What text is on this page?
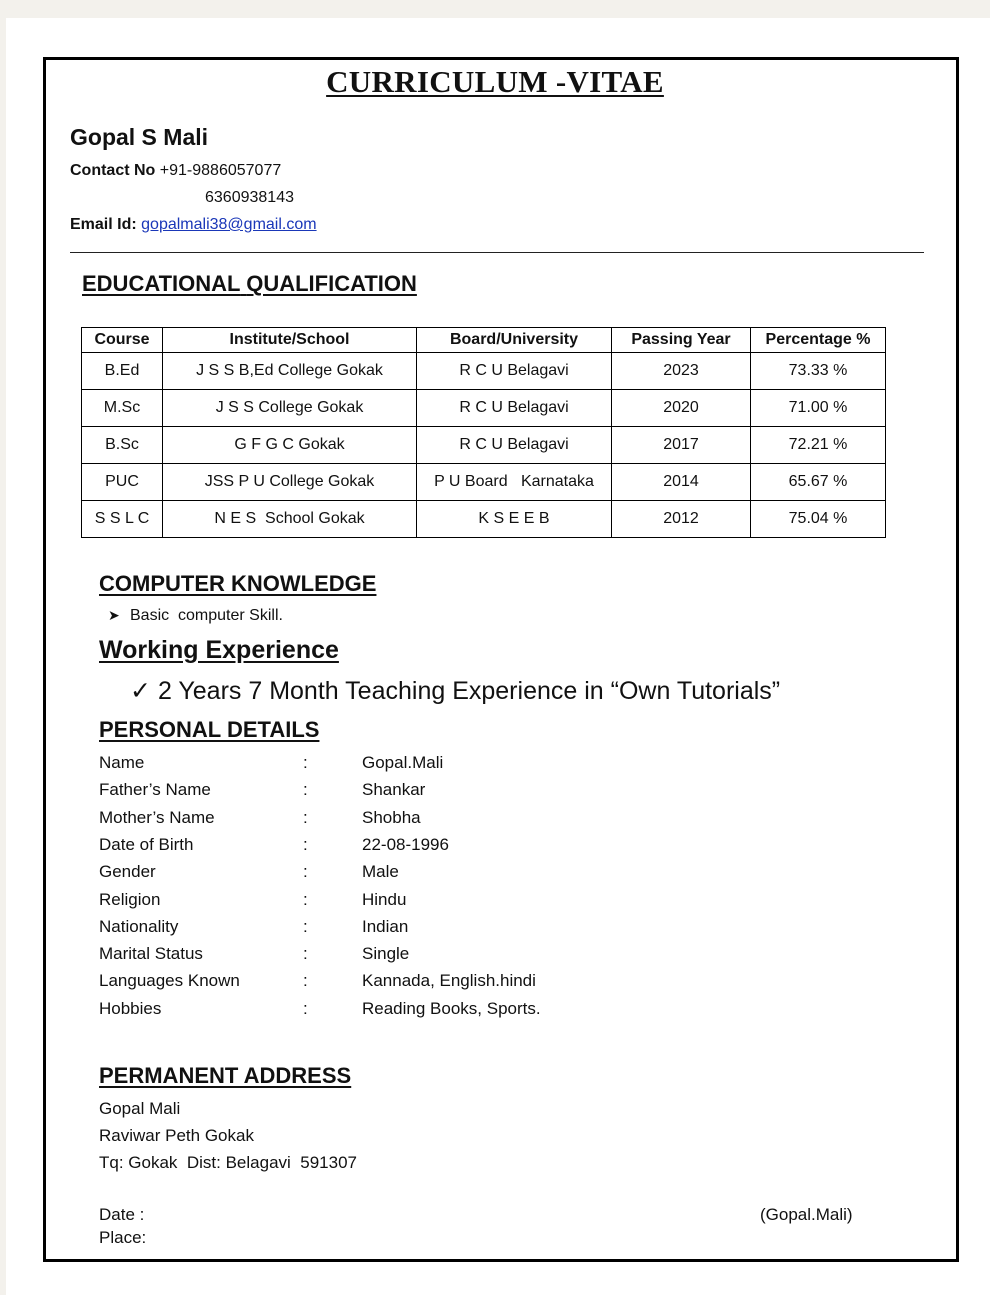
CURRICULUM -VITAE
Gopal S Mali
Contact No +91-9886057077
6360938143
Email Id: gopalmali38@gmail.com
EDUCATIONAL QUALIFICATION
Course	Institute/School	Board/University	Passing Year	Percentage %
B.Ed	J S S B,Ed College Gokak	R C U Belagavi	2023	73.33 %
M.Sc	J S S College Gokak	R C U Belagavi	2020	71.00 %
B.Sc	G F G C Gokak	R C U Belagavi	2017	72.21 %
PUC	JSS P U College Gokak	P U Board   Karnataka	2014	65.67 %
S S L C	N E S  School Gokak	K S E E B	2012	75.04 %
COMPUTER KNOWLEDGE
➤ Basic  computer Skill.
Working Experience
✓ 2 Years 7 Month Teaching Experience in “Own Tutorials”
PERSONAL DETAILS
Name	:	Gopal.Mali
Father’s Name	:	Shankar
Mother’s Name	:	Shobha
Date of Birth	:	22-08-1996
Gender	:	Male
Religion	:	Hindu
Nationality	:	Indian
Marital Status	:	Single
Languages Known	:	Kannada, English.hindi
Hobbies	:	Reading Books, Sports.
PERMANENT ADDRESS
Gopal Mali
Raviwar Peth Gokak
Tq: Gokak  Dist: Belagavi  591307
Date :
Place:
(Gopal.Mali)
